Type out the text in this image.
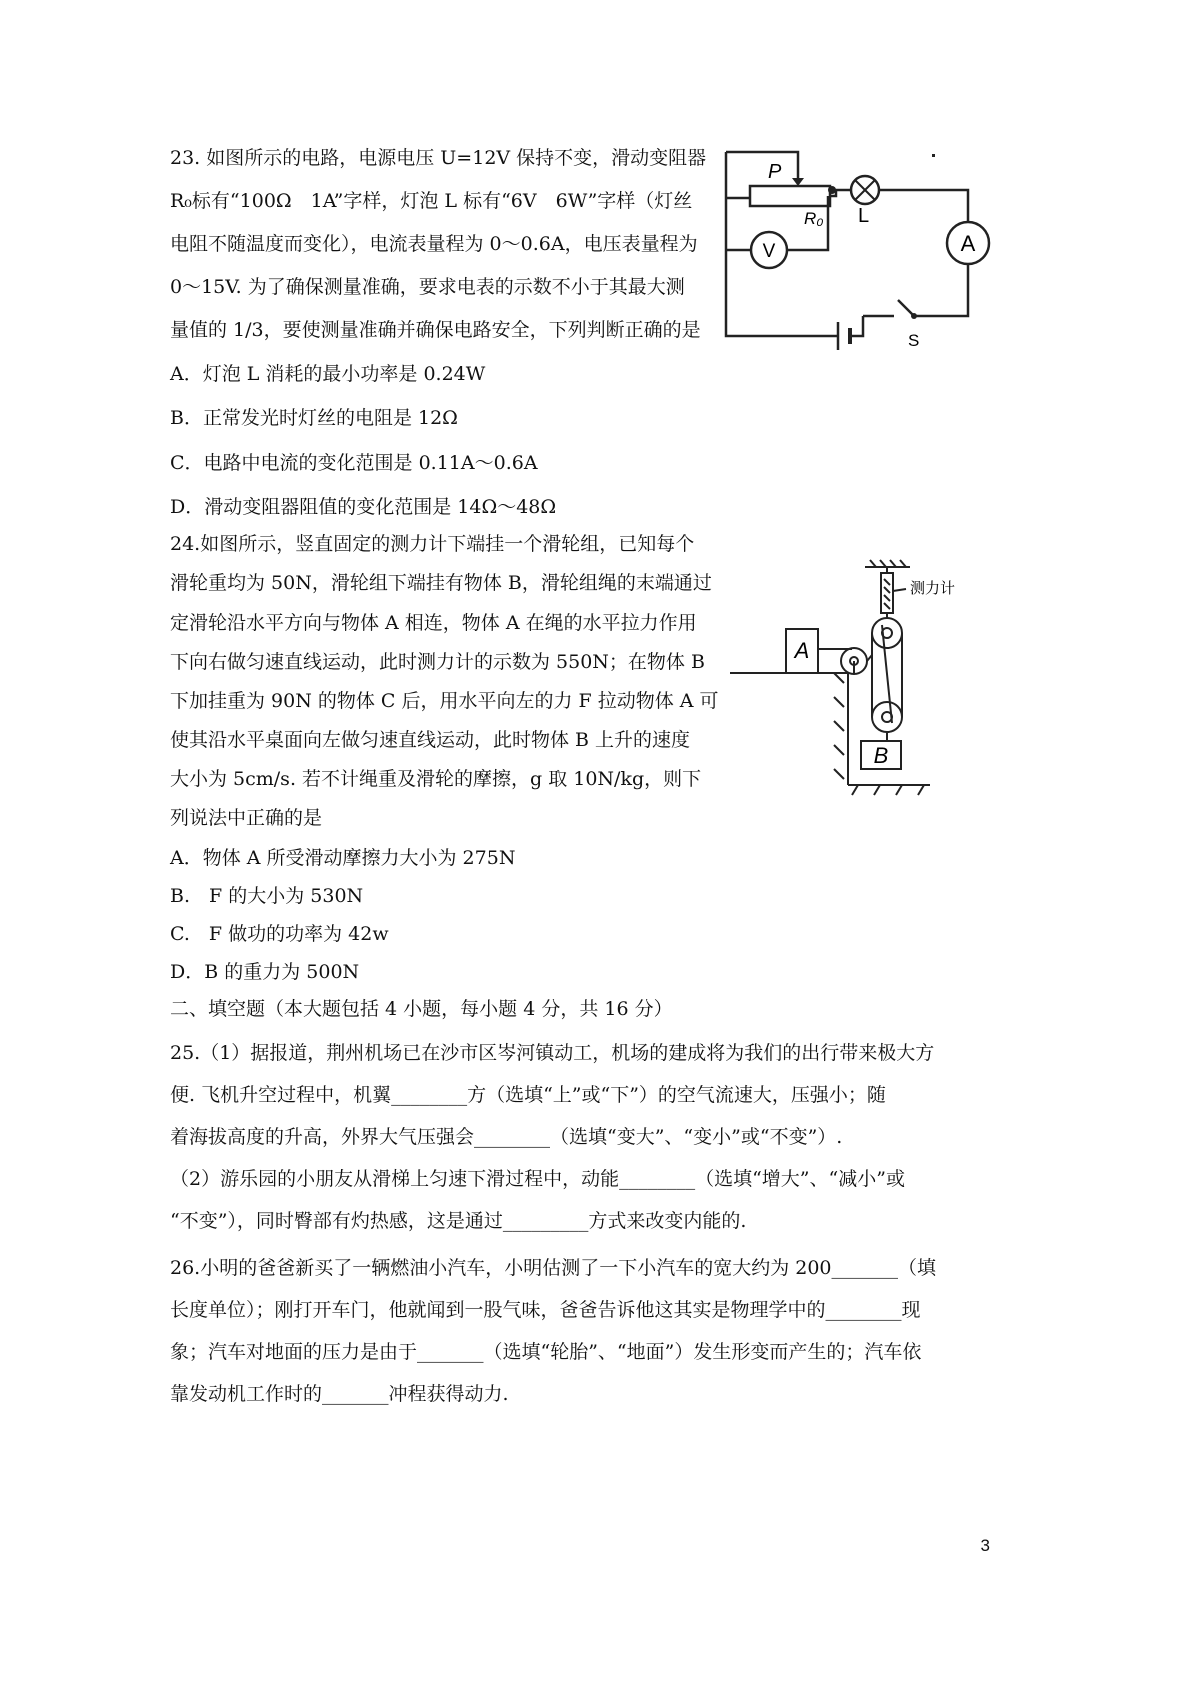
23. 如图所示的电路，电源电压 U=12V 保持不变，滑动变阻器
R₀标有“100Ω　1A”字样，灯泡 L 标有“6V　6W”字样（灯丝
电阻不随温度而变化），电流表量程为 0～0.6A，电压表量程为
0～15V. 为了确保测量准确，要求电表的示数不小于其最大测
量值的 1/3，要使测量准确并确保电路安全，下列判断正确的是
A．灯泡 L 消耗的最小功率是 0.24W
B．正常发光时灯丝的电阻是 12Ω
C．电路中电流的变化范围是 0.11A～0.6A
D．滑动变阻器阻值的变化范围是 14Ω～48Ω
V	A
P
R₀ L
S
24.如图所示，竖直固定的测力计下端挂一个滑轮组，已知每个
滑轮重均为 50N，滑轮组下端挂有物体 B，滑轮组绳的末端通过
定滑轮沿水平方向与物体 A 相连，物体 A 在绳的水平拉力作用
下向右做匀速直线运动，此时测力计的示数为 550N；在物体 B
下加挂重为 90N 的物体 C 后，用水平向左的力 F 拉动物体 A 可
使其沿水平桌面向左做匀速直线运动，此时物体 B 上升的速度
大小为 5cm/s. 若不计绳重及滑轮的摩擦，g 取 10N/kg，则下
列说法中正确的是
A．物体 A 所受滑动摩擦力大小为 275N
B.　F 的大小为 530N
C.　F 做功的功率为 42w
D．B 的重力为 500N
测力计
A
B
二、填空题（本大题包括 4 小题，每小题 4 分，共 16 分）
25.（1）据报道，荆州机场已在沙市区岑河镇动工，机场的建成将为我们的出行带来极大方
便. 飞机升空过程中，机翼________方（选填“上”或“下”）的空气流速大，压强小；随
着海拔高度的升高，外界大气压强会________（选填“变大”、“变小”或“不变”）.
（2）游乐园的小朋友从滑梯上匀速下滑过程中，动能________（选填“增大”、“减小”或
“不变”），同时臀部有灼热感，这是通过_________方式来改变内能的.
26.小明的爸爸新买了一辆燃油小汽车，小明估测了一下小汽车的宽大约为 200_______（填
长度单位）；刚打开车门，他就闻到一股气味，爸爸告诉他这其实是物理学中的________现
象；汽车对地面的压力是由于_______（选填“轮胎”、“地面”）发生形变而产生的；汽车依
靠发动机工作时的_______冲程获得动力.
3
